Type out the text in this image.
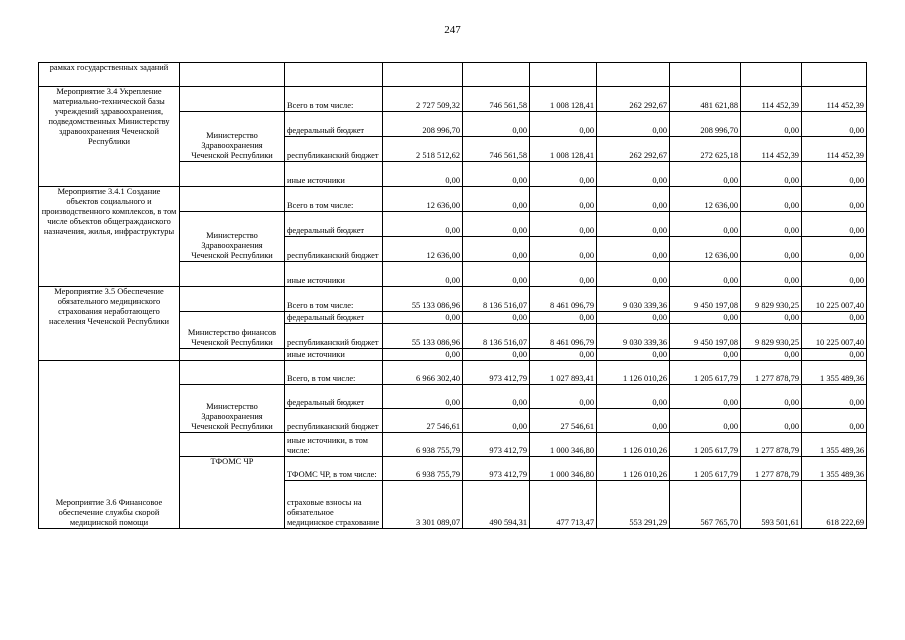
247
рамках государственных заданий									
Мероприятие 3.4 Укрепление материально-технической базы учреждений здравоохранения, подведомственных Министерству здравоохранения Чеченской Республики		Всего в том числе:	2 727 509,32	746 561,58	1 008 128,41	262 292,67	481 621,88	114 452,39	114 452,39
	Министерство Здравоохранения Чеченской Республики	федеральный бюджет	208 996,70	0,00	0,00	0,00	208 996,70	0,00	0,00
		республиканский бюджет	2 518 512,62	746 561,58	1 008 128,41	262 292,67	272 625,18	114 452,39	114 452,39
		иные источники	0,00	0,00	0,00	0,00	0,00	0,00	0,00
Мероприятие 3.4.1 Создание объектов социального и производственного комплексов, в том числе объектов общегражданского назначения, жилья, инфраструктуры		Всего в том числе:	12 636,00	0,00	0,00	0,00	12 636,00	0,00	0,00
	Министерство Здравоохранения Чеченской Республики	федеральный бюджет	0,00	0,00	0,00	0,00	0,00	0,00	0,00
		республиканский бюджет	12 636,00	0,00	0,00	0,00	12 636,00	0,00	0,00
		иные источники	0,00	0,00	0,00	0,00	0,00	0,00	0,00
Мероприятие 3.5 Обеспечение обязательного медицинского страхования неработающего населения Чеченской Республики		Всего в том числе:	55 133 086,96	8 136 516,07	8 461 096,79	9 030 339,36	9 450 197,08	9 829 930,25	10 225 007,40
	Министерство финансов Чеченской Республики	федеральный бюджет	0,00	0,00	0,00	0,00	0,00	0,00	0,00
		республиканский бюджет	55 133 086,96	8 136 516,07	8 461 096,79	9 030 339,36	9 450 197,08	9 829 930,25	10 225 007,40
		иные источники	0,00	0,00	0,00	0,00	0,00	0,00	0,00
Мероприятие 3.6 Финансовое обеспечение службы скорой медицинской помощи		Всего, в том числе:	6 966 302,40	973 412,79	1 027 893,41	1 126 010,26	1 205 617,79	1 277 878,79	1 355 489,36
	Министерство Здравоохранения Чеченской Республики	федеральный бюджет	0,00	0,00	0,00	0,00	0,00	0,00	0,00
		республиканский бюджет	27 546,61	0,00	27 546,61	0,00	0,00	0,00	0,00
		иные источники, в том числе:	6 938 755,79	973 412,79	1 000 346,80	1 126 010,26	1 205 617,79	1 277 878,79	1 355 489,36
	ТФОМС ЧР	ТФОМС ЧР, в том числе:	6 938 755,79	973 412,79	1 000 346,80	1 126 010,26	1 205 617,79	1 277 878,79	1 355 489,36
		страховые взносы на обязательное медицинское страхование	3 301 089,07	490 594,31	477 713,47	553 291,29	567 765,70	593 501,61	618 222,69
